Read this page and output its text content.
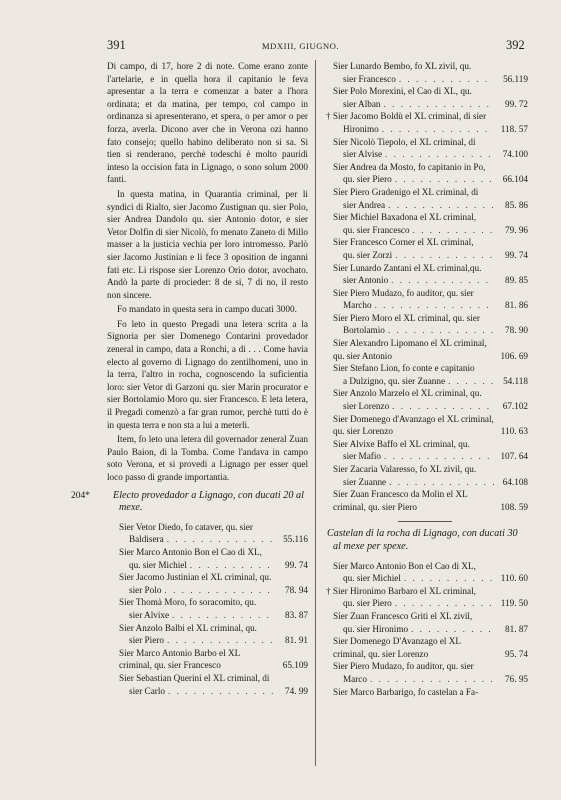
391	MDXIII, GIUGNO.	392

Di campo, di 17, hore 2 di note. Come erano zonte l'artelarie, e in quella hora il capitanio le feva apresentar a la terra e comenzar a bater a l'hora ordinata; et da matina, per tempo, col campo in ordinanza si apresenterano, et spera, o per amor o per forza, averla. Dicono aver che in Verona ozi hanno fato consejo; quello habino deliberato non si sa. Si tien si renderano, perchè todeschi è molto pauridi inteso la occision fata in Lignago, o sono solum 2000 fanti.

In questa matina, in Quarantia criminal, per li syndici di Rialto, sier Jacomo Zustignan qu. sier Polo, sier Andrea Dandolo qu. sier Antonio dotor, e sier Vetor Dolfin di sier Nicolò, fo menato Zaneto di Millo masser a la justicia vechia per loro intromesso. Parlò sier Jacomo Justinian e li fece 3 oposition de inganni fati etc. Li rispose sier Lorenzo Orio dotor, avochato. Andò la parte di procieder: 8 de si, 7 di no, il resto non sincere.

Fo mandato in questa sera in campo ducati 3000.

Fo leto in questo Pregadi una letera scrita a la Signoria per sier Domenego Contarini provedador zeneral in campo, data a Ronchi, a di . . . Come havia electo al governo di Lignago do zentilhomeni, uno in la terra, l'altro in rocha, cognoscendo la sufìcientia loro: sier Vetor di Garzoni qu. sier Marin procurator e sier Bortolamio Moro qu. sier Francesco. E leta letera, il Pregadi comenzò a far gran rumor, perchè tutti do è in questa terra e non sta a lui a meterli.

Item, fo leto una letera dil governador zeneral Zuan Paulo Baion, di la Tomba. Come l'andava in campo soto Verona, et si provedi a Lignago per esser quel loco passo di grande importantia.

204* Electo provedador a Lignago, con ducati 20 al mexe.
Sier Vetor Diedo, fo cataver, qu. sier
Baldisera . . .	55.116
Sier Marco Antonio Bon el Cao di XL,
qu. sier Michiel . . .	99. 74
Sier Jacomo Justinian el XL criminal, qu.
sier Polo . . .	78. 94
Sier Thomà Moro, fo soracomito, qu.
sier Alvixe . . .	83. 87
Sier Anzolo Balbi el XL criminal, qu.
sier Piero . . .	81. 91
Sier Marco Antonio Barbo el XL criminal, qu. sier Francesco	65.109
Sier Sebastian Querini el XL criminal, di
sier Carlo . . .	74. 99
Sier Lunardo Bembo, fo XL zivil, qu.
sier Francesco . . .	56.119
Sier Polo Morexini, el Cao di XL, qu.
sier Alban . . .	99. 72
† Sier Jacomo Boldù el XL criminal, di sier
Hironimo . . .	118. 57
Sier Nicolò Tiepolo, el XL criminal, di
sier Alvise . . .	74.100
Sier Andrea da Mosto, fo capitanio in Po,
qu. sier Piero . . .	66.104
Sier Piero Gradenigo el XL criminal, di
sier Andrea . . .	85. 86
Sier Michiel Baxadona el XL criminal,
qu. sier Francesco . . .	79. 96
Sier Francesco Corner el XL criminal,
qu. sier Zorzi . . .	99. 74
Sier Lunardo Zantani el XL criminal,qu.
sier Antonio . . .	89. 85
Sier Piero Mudazo, fo auditor, qu. sier
Marcho . . .	81. 86
Sier Piero Moro el XL criminal, qu. sier
Bortolamio . . .	78. 90
Sier Alexandro Lipomano el XL criminal, qu. sier Antonio	106. 69
Sier Stefano Lion, fo conte e capitanio
a Dulzigno, qu. sier Zuanne . . .	54.118
Sier Anzolo Marzelo el XL criminal, qu.
sier Lorenzo . . .	67.102
Sier Domenego d'Avanzago el XL criminal, qu. sier Lorenzo	110. 63
Sier Alvixe Baffo el XL criminal, qu.
sier Mafio . . .	107. 64
Sier Zacaria Valaresso, fo XL zivil, qu.
sier Zuanne . . .	64.108
Sier Zuan Francesco da Molin el XL criminal, qu. sier Piero	108. 59
Castelan di la rocha di Lignago, con ducati 30 al mexe per spexe.
Sier Marco Antonio Bon el Cao di XL,
qu. sier Michiel . . .	110. 60
† Sier Hironimo Barbaro el XL criminal,
qu. sier Piero . . .	119. 50
Sier Zuan Francesco Griti el XL zivil,
qu. sier Hironimo . . .	81. 87
Sier Domenego D'Avanzago el XL criminal, qu. sier Lorenzo	95. 74
Sier Piero Mudazo, fo auditor, qu. sier
Marco . . .	76. 95
Sier Marco Barbarigo, fo castelan a Fa-
